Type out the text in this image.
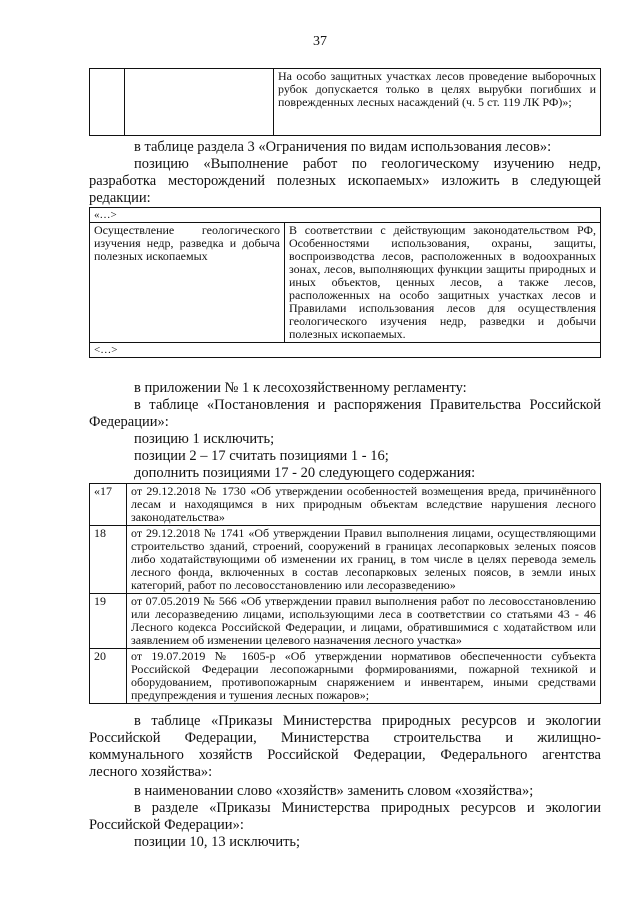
37
		На особо защитных участках лесов проведение выборочных рубок допускается только в целях вырубки погибших и поврежденных лесных насаждений (ч. 5 ст. 119 ЛК РФ)»;

в таблице раздела 3 «Ограничения по видам использования лесов»:

позицию «Выполнение работ по геологическому изучению недр,

разработка месторождений полезных ископаемых» изложить в следующей

редакции:

«…>
Осуществление геологического изучения недр, разведка и добыча полезных ископаемых	В соответствии с действующим законодательством РФ, Особенностями использования, охраны, защиты, воспроизводства лесов, расположенных в водоохранных зонах, лесов, выполняющих функции защиты природных и иных объектов, ценных лесов, а также лесов, расположенных на особо защитных участках лесов и Правилами использования лесов для осуществления геологического изучения недр, разведки и добычи полезных ископаемых.
<…>

в приложении № 1 к лесохозяйственному регламенту:

в таблице «Постановления и распоряжения Правительства Российской

Федерации»:

позицию 1 исключить;

позиции 2 – 17 считать позициями 1 - 16;

дополнить позициями 17 - 20 следующего содержания:

«17	от 29.12.2018 № 1730 «Об утверждении особенностей возмещения вреда, причинённого лесам и находящимся в них природным объектам вследствие нарушения лесного законодательства»
18	от 29.12.2018 № 1741 «Об утверждении Правил выполнения лицами, осуществляющими строительство зданий, строений, сооружений в границах лесопарковых зеленых поясов либо ходатайствующими об изменении их границ, в том числе в целях перевода земель лесного фонда, включенных в состав лесопарковых зеленых поясов, в земли иных категорий, работ по лесовосстановлению или лесоразведению»
19	от 07.05.2019 № 566 «Об утверждении правил выполнения работ по лесовосстановлению или лесоразведению лицами, использующими леса в соответствии со статьями 43 - 46 Лесного кодекса Российской Федерации, и лицами, обратившимися с ходатайством или заявлением об изменении целевого назначения лесного участка»
20	от 19.07.2019 № 1605-р «Об утверждении нормативов обеспеченности субъекта Российской Федерации лесопожарными формированиями, пожарной техникой и оборудованием, противопожарным снаряжением и инвентарем, иными средствами предупреждения и тушения лесных пожаров»;

в таблице «Приказы Министерства природных ресурсов и экологии

Российской Федерации, Министерства строительства и жилищно-

коммунального хозяйств Российской Федерации, Федерального агентства

лесного хозяйства»:

в наименовании слово «хозяйств» заменить словом «хозяйства»;

в разделе «Приказы Министерства природных ресурсов и экологии

Российской Федерации»:

позиции 10, 13 исключить;
